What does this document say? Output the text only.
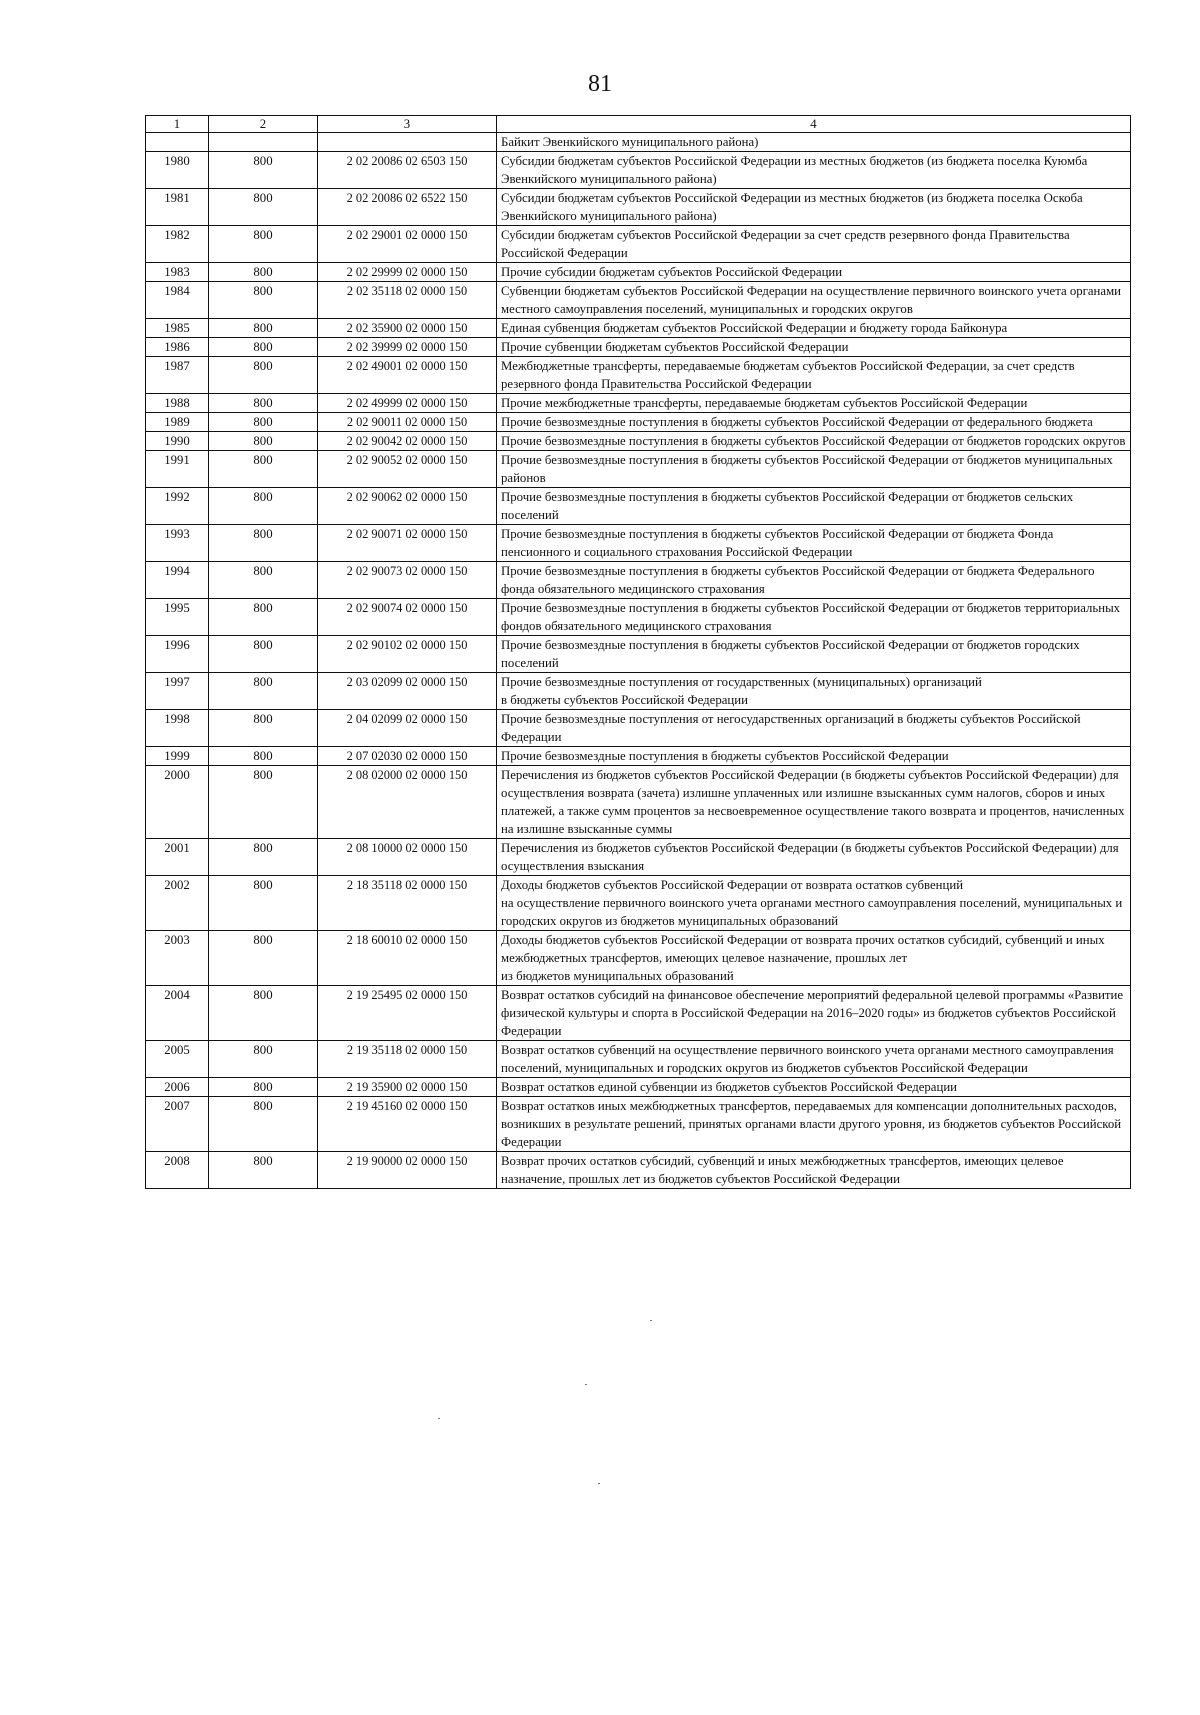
81
1	2	3	4
			Байкит Эвенкийского муниципального района)
1980	800	2 02 20086 02 6503 150	Субсидии бюджетам субъектов Российской Федерации из местных бюджетов (из бюджета поселка Куюмба Эвенкийского муниципального района)
1981	800	2 02 20086 02 6522 150	Субсидии бюджетам субъектов Российской Федерации из местных бюджетов (из бюджета поселка Оскоба Эвенкийского муниципального района)
1982	800	2 02 29001 02 0000 150	Субсидии бюджетам субъектов Российской Федерации за счет средств резервного фонда Правительства Российской Федерации
1983	800	2 02 29999 02 0000 150	Прочие субсидии бюджетам субъектов Российской Федерации
1984	800	2 02 35118 02 0000 150	Субвенции бюджетам субъектов Российской Федерации на осуществление первичного воинского учета органами местного самоуправления поселений, муниципальных и городских округов
1985	800	2 02 35900 02 0000 150	Единая субвенция бюджетам субъектов Российской Федерации и бюджету города Байконура
1986	800	2 02 39999 02 0000 150	Прочие субвенции бюджетам субъектов Российской Федерации
1987	800	2 02 49001 02 0000 150	Межбюджетные трансферты, передаваемые бюджетам субъектов Российской Федерации, за счет средств резервного фонда Правительства Российской Федерации
1988	800	2 02 49999 02 0000 150	Прочие межбюджетные трансферты, передаваемые бюджетам субъектов Российской Федерации
1989	800	2 02 90011 02 0000 150	Прочие безвозмездные поступления в бюджеты субъектов Российской Федерации от федерального бюджета
1990	800	2 02 90042 02 0000 150	Прочие безвозмездные поступления в бюджеты субъектов Российской Федерации от бюджетов городских округов
1991	800	2 02 90052 02 0000 150	Прочие безвозмездные поступления в бюджеты субъектов Российской Федерации от бюджетов муниципальных районов
1992	800	2 02 90062 02 0000 150	Прочие безвозмездные поступления в бюджеты субъектов Российской Федерации от бюджетов сельских поселений
1993	800	2 02 90071 02 0000 150	Прочие безвозмездные поступления в бюджеты субъектов Российской Федерации от бюджета Фонда пенсионного и социального страхования Российской Федерации
1994	800	2 02 90073 02 0000 150	Прочие безвозмездные поступления в бюджеты субъектов Российской Федерации от бюджета Федерального фонда обязательного медицинского страхования
1995	800	2 02 90074 02 0000 150	Прочие безвозмездные поступления в бюджеты субъектов Российской Федерации от бюджетов территориальных фондов обязательного медицинского страхования
1996	800	2 02 90102 02 0000 150	Прочие безвозмездные поступления в бюджеты субъектов Российской Федерации от бюджетов городских поселений
1997	800	2 03 02099 02 0000 150	Прочие безвозмездные поступления от государственных (муниципальных) организаций
в бюджеты субъектов Российской Федерации
1998	800	2 04 02099 02 0000 150	Прочие безвозмездные поступления от негосударственных организаций в бюджеты субъектов Российской Федерации
1999	800	2 07 02030 02 0000 150	Прочие безвозмездные поступления в бюджеты субъектов Российской Федерации
2000	800	2 08 02000 02 0000 150	Перечисления из бюджетов субъектов Российской Федерации (в бюджеты субъектов Российской Федерации) для осуществления возврата (зачета) излишне уплаченных или излишне взысканных сумм налогов, сборов и иных платежей, а также сумм процентов за несвоевременное осуществление такого возврата и процентов, начисленных на излишне взысканные суммы
2001	800	2 08 10000 02 0000 150	Перечисления из бюджетов субъектов Российской Федерации (в бюджеты субъектов Российской Федерации) для осуществления взыскания
2002	800	2 18 35118 02 0000 150	Доходы бюджетов субъектов Российской Федерации от возврата остатков субвенций
на осуществление первичного воинского учета органами местного самоуправления поселений, муниципальных и городских округов из бюджетов муниципальных образований
2003	800	2 18 60010 02 0000 150	Доходы бюджетов субъектов Российской Федерации от возврата прочих остатков субсидий, субвенций и иных межбюджетных трансфертов, имеющих целевое назначение, прошлых лет
из бюджетов муниципальных образований
2004	800	2 19 25495 02 0000 150	Возврат остатков субсидий на финансовое обеспечение мероприятий федеральной целевой программы «Развитие физической культуры и спорта в Российской Федерации на 2016–2020 годы» из бюджетов субъектов Российской Федерации
2005	800	2 19 35118 02 0000 150	Возврат остатков субвенций на осуществление первичного воинского учета органами местного самоуправления поселений, муниципальных и городских округов из бюджетов субъектов Российской Федерации
2006	800	2 19 35900 02 0000 150	Возврат остатков единой субвенции из бюджетов субъектов Российской Федерации
2007	800	2 19 45160 02 0000 150	Возврат остатков иных межбюджетных трансфертов, передаваемых для компенсации дополнительных расходов, возникших в результате решений, принятых органами власти другого уровня, из бюджетов субъектов Российской Федерации
2008	800	2 19 90000 02 0000 150	Возврат прочих остатков субсидий, субвенций и иных межбюджетных трансфертов, имеющих целевое назначение, прошлых лет из бюджетов субъектов Российской Федерации
